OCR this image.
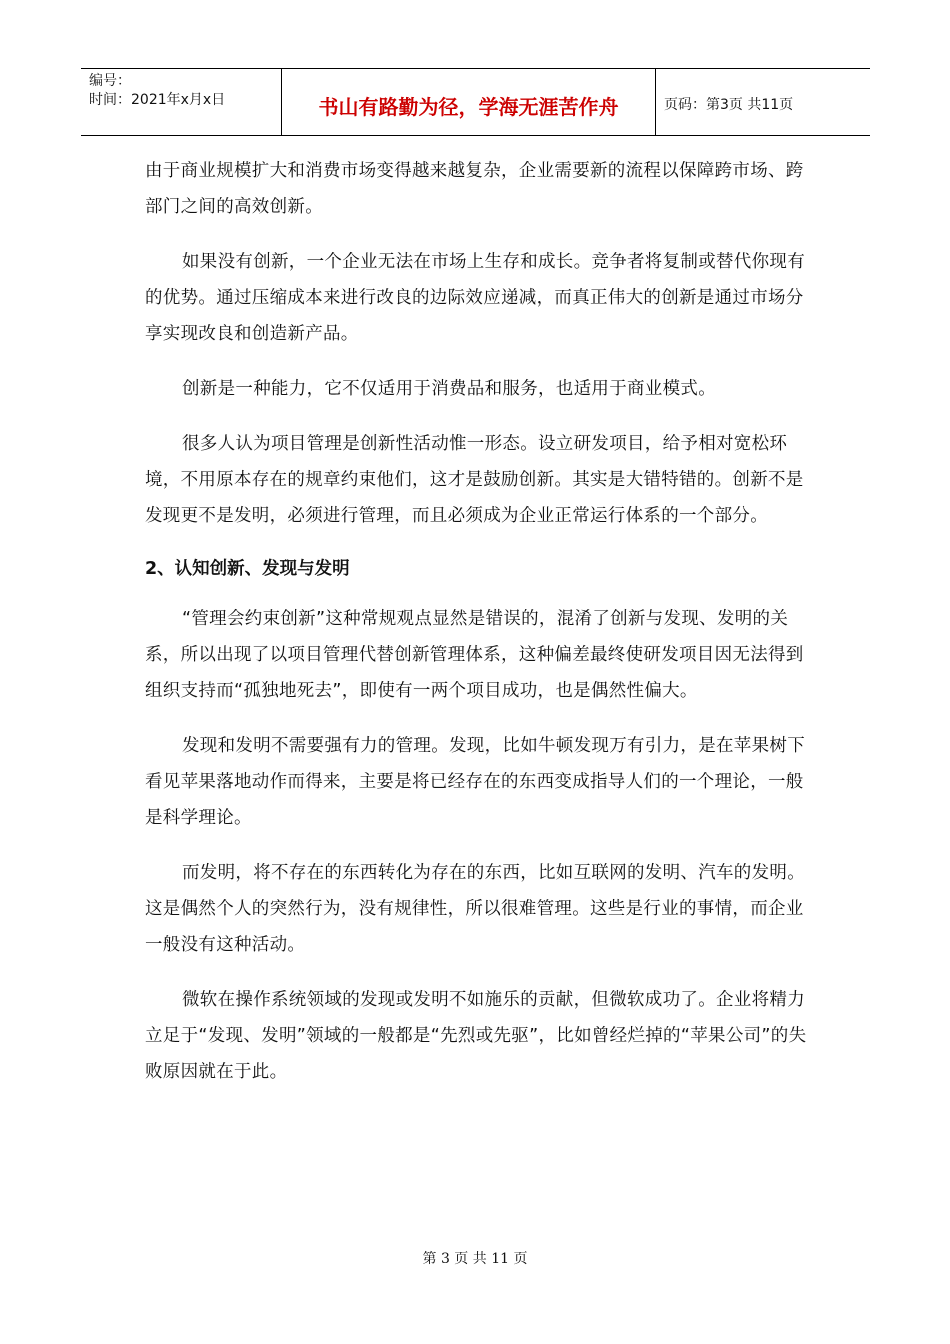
编号：
时间：2021年x月x日	书山有路勤为径，学海无涯苦作舟	页码：第3页 共11页

由于商业规模扩大和消费市场变得越来越复杂，企业需要新的流程以保障跨市场、跨部门之间的高效创新。

如果没有创新，一个企业无法在市场上生存和成长。竞争者将复制或替代你现有的优势。通过压缩成本来进行改良的边际效应递减，而真正伟大的创新是通过市场分享实现改良和创造新产品。

创新是一种能力，它不仅适用于消费品和服务，也适用于商业模式。

很多人认为项目管理是创新性活动惟一形态。设立研发项目，给予相对宽松环境，不用原本存在的规章约束他们，这才是鼓励创新。其实是大错特错的。创新不是发现更不是发明，必须进行管理，而且必须成为企业正常运行体系的一个部分。

2、认知创新、发现与发明

“管理会约束创新”这种常规观点显然是错误的，混淆了创新与发现、发明的关系，所以出现了以项目管理代替创新管理体系，这种偏差最终使研发项目因无法得到组织支持而“孤独地死去”，即使有一两个项目成功，也是偶然性偏大。

发现和发明不需要强有力的管理。发现，比如牛顿发现万有引力，是在苹果树下看见苹果落地动作而得来，主要是将已经存在的东西变成指导人们的一个理论，一般是科学理论。

而发明，将不存在的东西转化为存在的东西，比如互联网的发明、汽车的发明。这是偶然个人的突然行为，没有规律性，所以很难管理。这些是行业的事情，而企业一般没有这种活动。

微软在操作系统领域的发现或发明不如施乐的贡献，但微软成功了。企业将精力立足于“发现、发明”领域的一般都是“先烈或先驱”，比如曾经烂掉的“苹果公司”的失败原因就在于此。

第 3 页 共 11 页
